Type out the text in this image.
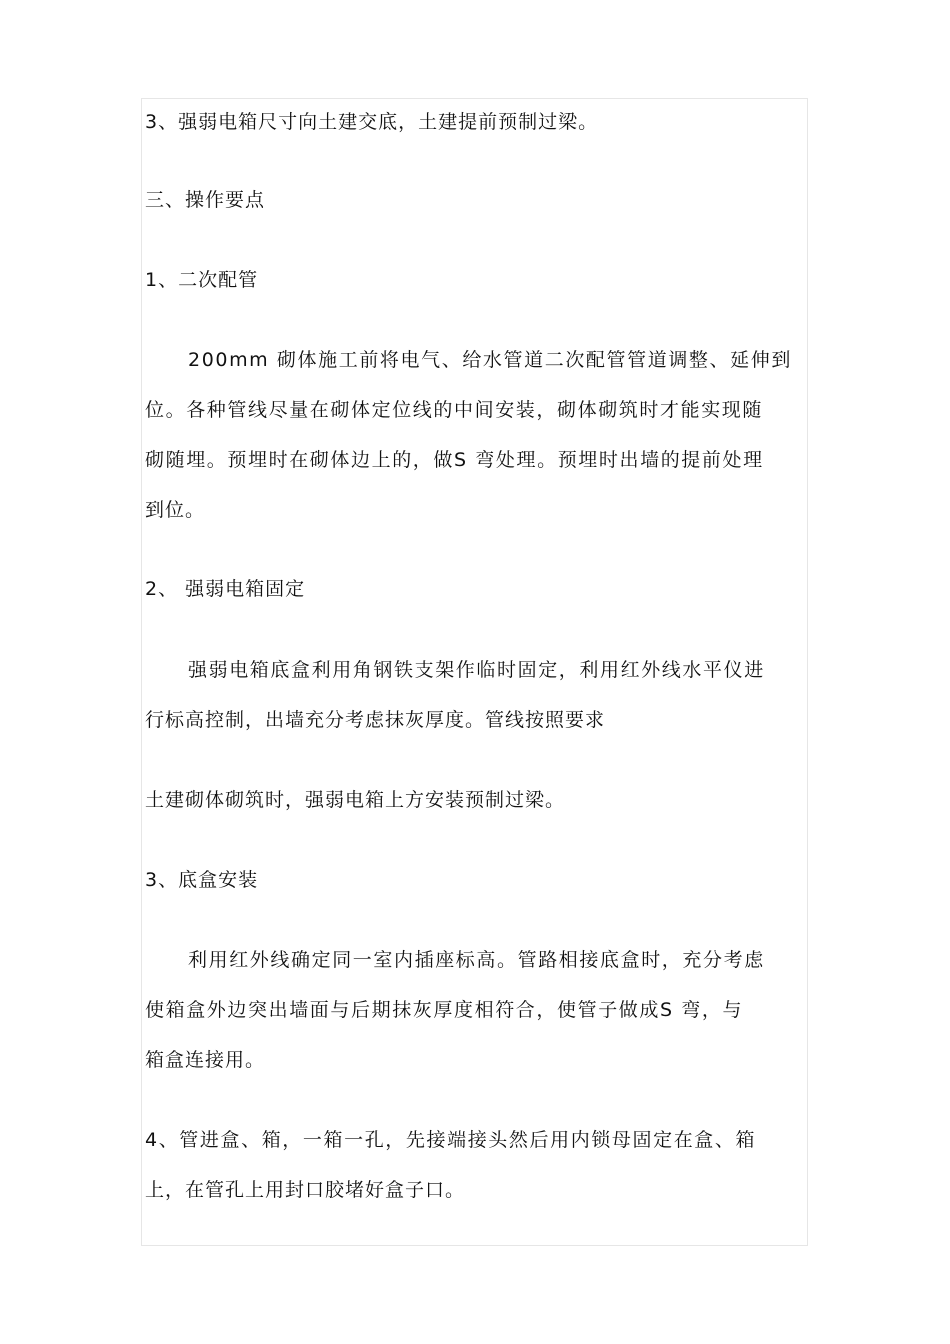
3、强弱电箱尺寸向土建交底，土建提前预制过梁。
三、操作要点
1、二次配管
200mm 砌体施工前将电气、给水管道二次配管管道调整、延伸到
位。各种管线尽量在砌体定位线的中间安装，砌体砌筑时才能实现随
砌随埋。预埋时在砌体边上的，做S 弯处理。预埋时出墙的提前处理
到位。
2、 强弱电箱固定
强弱电箱底盒利用角钢铁支架作临时固定，利用红外线水平仪进
行标高控制，出墙充分考虑抹灰厚度。管线按照要求
土建砌体砌筑时，强弱电箱上方安装预制过梁。
3、底盒安装
利用红外线确定同一室内插座标高。管路相接底盒时，充分考虑
使箱盒外边突出墙面与后期抹灰厚度相符合，使管子做成S 弯，与
箱盒连接用。
4、管进盒、箱，一箱一孔，先接端接头然后用内锁母固定在盒、箱
上，在管孔上用封口胶堵好盒子口。
